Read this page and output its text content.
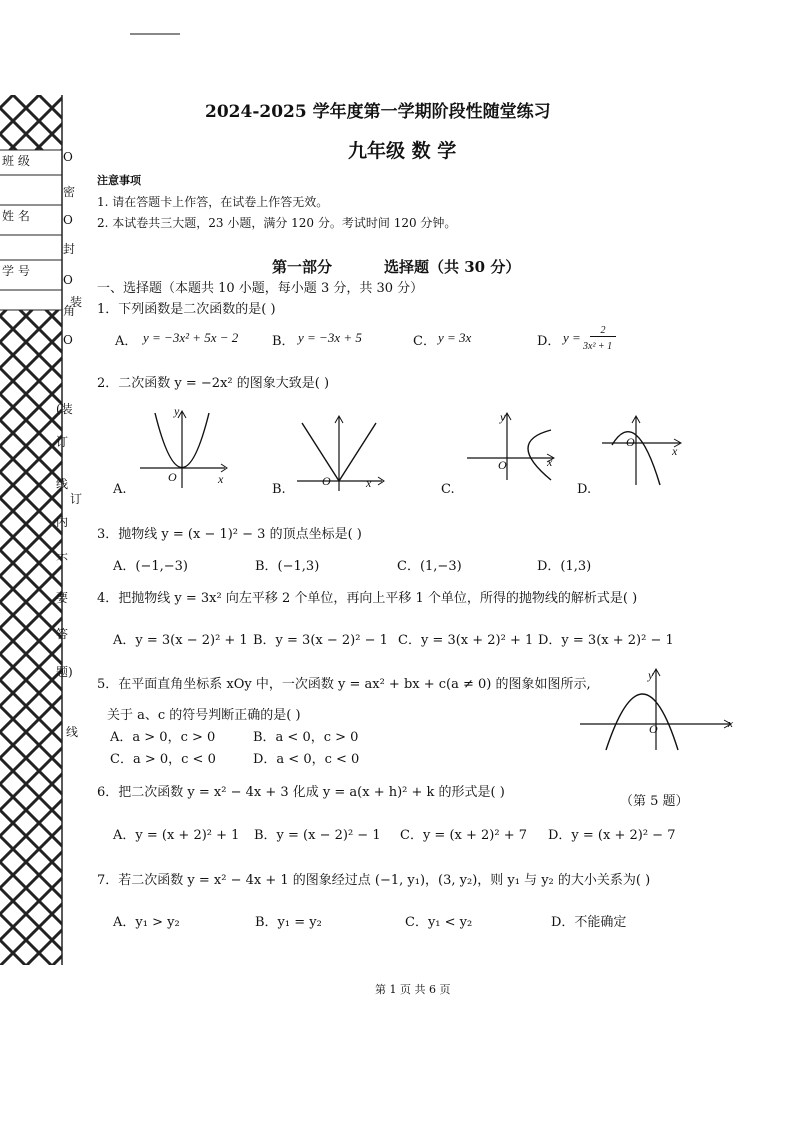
班 级
姓 名
学 号
O
密
O
封
O
角
O
装
订
线
(装
订
线
内
不
要
答
题)
2024-2025 学年度第一学期阶段性随堂练习
九年级 数 学
注意事项
1. 请在答题卡上作答，在试卷上作答无效。
2. 本试卷共三大题，23 小题，满分 120 分。考试时间 120 分钟。
第一部分	选择题（共 30 分）
一、选择题（本题共 10 小题，每小题 3 分，共 30 分）
1．下列函数是二次函数的是( )
A． y = −3x² + 5x − 2	B． y = −3x + 5	C． y = 3x	D． y =	2
3x² + 1
2．二次函数 y = −2x² 的图象大致是( )
y
x
O
A.	x
O
B.
y
x
O
C.
O
x
D.
3．抛物线 y = (x − 1)² − 3 的顶点坐标是( )
A．(−1,−3)	B．(−1,3)	C．(1,−3)	D．(1,3)
4．把抛物线 y = 3x² 向左平移 2 个单位，再向上平移 1 个单位，所得的抛物线的解析式是( )
A．y = 3(x − 2)² + 1 B．y = 3(x − 2)² − 1 C．y = 3(x + 2)² + 1 D．y = 3(x + 2)² − 1
5．在平面直角坐标系 xOy 中，一次函数 y = ax² + bx + c(a ≠ 0) 的图象如图所示,
关于 a、c 的符号判断正确的是( )
A．a > 0，c > 0	B．a < 0，c > 0
C．a > 0，c < 0	D．a < 0，c < 0
y
x
O
（第 5 题）
6．把二次函数 y = x² − 4x + 3 化成 y = a(x + h)² + k 的形式是( )
A．y = (x + 2)² + 1 B．y = (x − 2)² − 1 C．y = (x + 2)² + 7 D．y = (x + 2)² − 7
7．若二次函数 y = x² − 4x + 1 的图象经过点 (−1, y₁)，(3, y₂)，则 y₁ 与 y₂ 的大小关系为( )
A．y₁ > y₂	B．y₁ = y₂	C．y₁ < y₂	D．不能确定
第 1 页 共 6 页
